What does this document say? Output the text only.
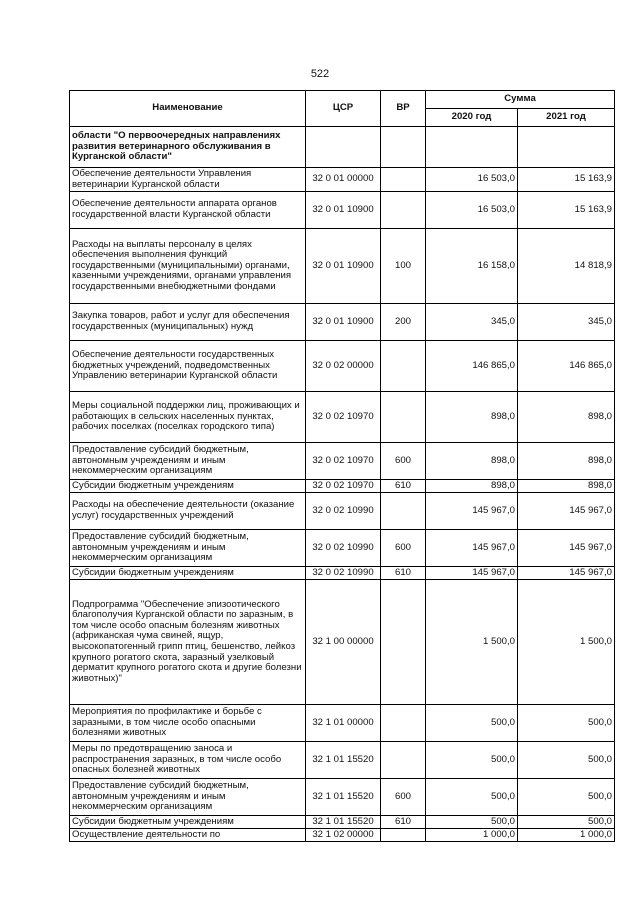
522
Наименование	ЦСР	ВР	Сумма	
			2020 год	2021 год
области "О первоочередных направлениях развития ветеринарного обслуживания в Курганской области"				
Обеспечение деятельности Управления ветеринарии Курганской области	32 0 01 00000		16 503,0	15 163,9
Обеспечение деятельности аппарата органов государственной власти Курганской области	32 0 01 10900		16 503,0	15 163,9
Расходы на выплаты персоналу в целях обеспечения выполнения функций государственными (муниципальными) органами, казенными учреждениями, органами управления государственными внебюджетными фондами	32 0 01 10900	100	16 158,0	14 818,9
Закупка товаров, работ и услуг для обеспечения государственных (муниципальных) нужд	32 0 01 10900	200	345,0	345,0
Обеспечение деятельности государственных бюджетных учреждений, подведомственных Управлению ветеринарии Курганской области	32 0 02 00000		146 865,0	146 865,0
Меры социальной поддержки лиц, проживающих и работающих в сельских населенных пунктах, рабочих поселках (поселках городского типа)	32 0 02 10970		898,0	898,0
Предоставление субсидий бюджетным, автономным учреждениям и иным некоммерческим организациям	32 0 02 10970	600	898,0	898,0
Субсидии бюджетным учреждениям	32 0 02 10970	610	898,0	898,0
Расходы на обеспечение деятельности (оказание услуг) государственных учреждений	32 0 02 10990		145 967,0	145 967,0
Предоставление субсидий бюджетным, автономным учреждениям и иным некоммерческим организациям	32 0 02 10990	600	145 967,0	145 967,0
Субсидии бюджетным учреждениям	32 0 02 10990	610	145 967,0	145 967,0
Подпрограмма "Обеспечение эпизоотического благополучия Курганской области по заразным, в том числе особо опасным болезням животных (африканская чума свиней, ящур, высокопатогенный грипп птиц, бешенство, лейкоз крупного рогатого скота, заразный узелковый дерматит крупного рогатого скота и другие болезни животных)"	32 1 00 00000		1 500,0	1 500,0
Мероприятия по профилактике и борьбе с заразными, в том числе особо опасными болезнями животных	32 1 01 00000		500,0	500,0
Меры по предотвращению заноса и распространения заразных, в том числе особо опасных болезней животных	32 1 01 15520		500,0	500,0
Предоставление субсидий бюджетным, автономным учреждениям и иным некоммерческим организациям	32 1 01 15520	600	500,0	500,0
Субсидии бюджетным учреждениям	32 1 01 15520	610	500,0	500,0
Осуществление деятельности по	32 1 02 00000		1 000,0	1 000,0
